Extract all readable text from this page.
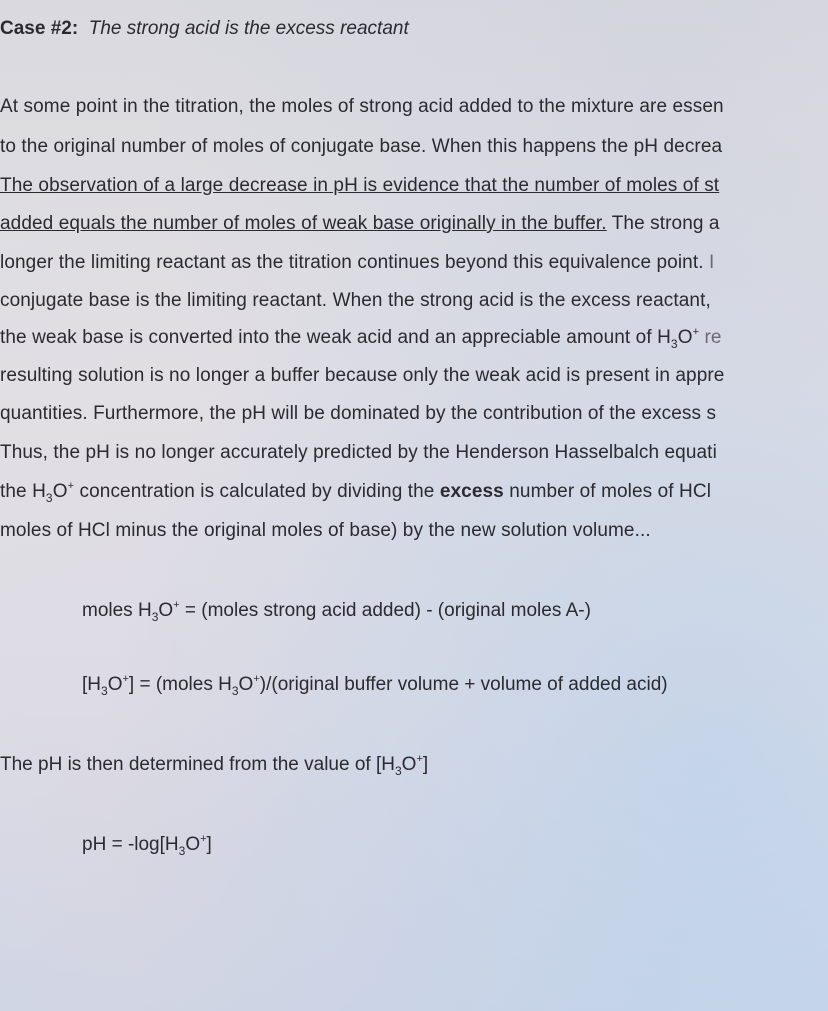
Case #2: The strong acid is the excess reactant
At some point in the titration, the moles of strong acid added to the mixture are essen
to the original number of moles of conjugate base. When this happens the pH decrea
The observation of a large decrease in pH is evidence that the number of moles of st
added equals the number of moles of weak base originally in the buffer. The strong a
longer the limiting reactant as the titration continues beyond this equivalence point. I
conjugate base is the limiting reactant. When the strong acid is the excess reactant,
the weak base is converted into the weak acid and an appreciable amount of $H_3O^+$ re
resulting solution is no longer a buffer because only the weak acid is present in appre
quantities. Furthermore, the pH will be dominated by the contribution of the excess s
Thus, the pH is no longer accurately predicted by the Henderson Hasselbalch equati
the $H_3O^+$ concentration is calculated by dividing the excess number of moles of HCl
moles of HCl minus the original moles of base) by the new solution volume...
moles $H_3O^+$ = (moles strong acid added) - (original moles A-)
$[H_3O^+]$ = (moles $H_3O^+)/(original$ buffer volume + volume of added acid)
The pH is then determined from the value of $[H_3O^+]$
pH = $-\log[H_3O^+]$
